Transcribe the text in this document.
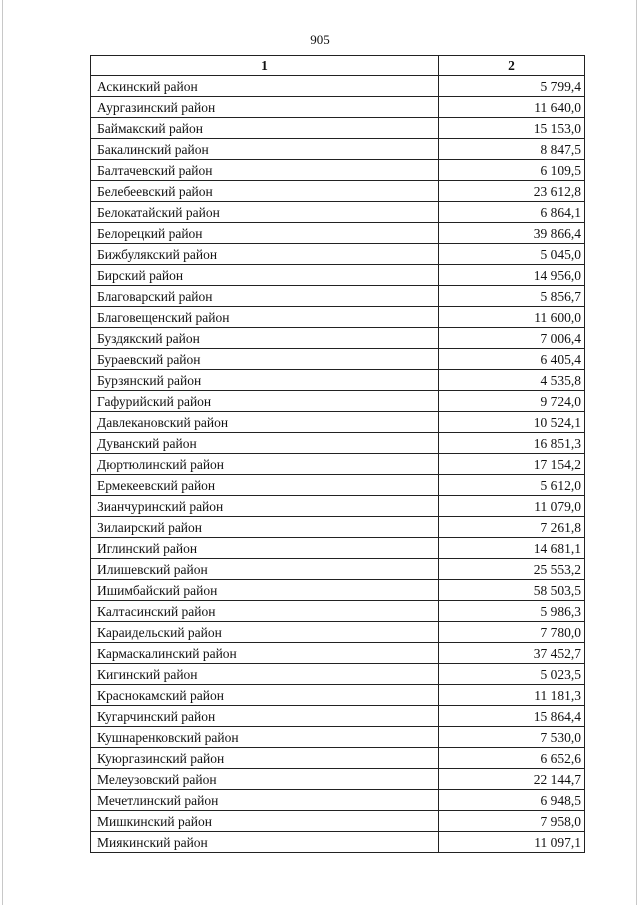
905
1	2
Аскинский район	5 799,4
Аургазинский район	11 640,0
Баймакский район	15 153,0
Бакалинский район	8 847,5
Балтачевский район	6 109,5
Белебеевский район	23 612,8
Белокатайский район	6 864,1
Белорецкий район	39 866,4
Бижбулякский район	5 045,0
Бирский район	14 956,0
Благоварский район	5 856,7
Благовещенский район	11 600,0
Буздякский район	7 006,4
Бураевский район	6 405,4
Бурзянский район	4 535,8
Гафурийский район	9 724,0
Давлекановский район	10 524,1
Дуванский район	16 851,3
Дюртюлинский район	17 154,2
Ермекеевский район	5 612,0
Зианчуринский район	11 079,0
Зилаирский район	7 261,8
Иглинский район	14 681,1
Илишевский район	25 553,2
Ишимбайский район	58 503,5
Калтасинский район	5 986,3
Караидельский район	7 780,0
Кармаскалинский район	37 452,7
Кигинский район	5 023,5
Краснокамский район	11 181,3
Кугарчинский район	15 864,4
Кушнаренковский район	7 530,0
Куюргазинский район	6 652,6
Мелеузовский район	22 144,7
Мечетлинский район	6 948,5
Мишкинский район	7 958,0
Миякинский район	11 097,1
